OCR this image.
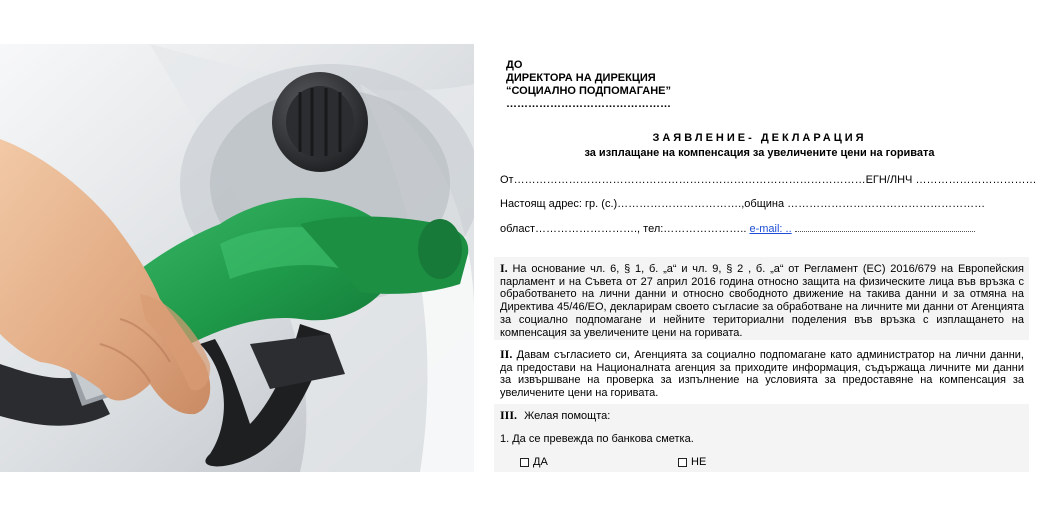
ДО
ДИРЕКТОРА НА ДИРЕКЦИЯ
“СОЦИАЛНО ПОДПОМАГАНЕ”
………………………………………
ЗАЯВЛЕНИЕ- ДЕКЛАРАЦИЯ
за изплащане на компенсация за увеличените цени на горивата
От……………………………………………………………………………………ЕГН/ЛНЧ ……………………………
Настоящ адрес: гр. (с.)…………………………….,община ………………………………………………
област………………………., тел:………………….. e-mail: ..
I. На основание чл. 6, § 1, б. „а“ и чл. 9, § 2 , б. „а“ от Регламент (ЕС) 2016/679 на Европейския парламент и на Съвета от 27 април 2016 година относно защита на физическите лица във връзка с обработването на лични данни и относно свободното движение на такива данни и за отмяна на Директива 45/46/ЕО, декларирам своето съгласие за обработване на личните ми данни от Агенцията за социално подпомагане и нейните териториални поделения във връзка с изплащането на компенсация за увеличените цени на горивата.
II. Давам съгласието си, Агенцията за социално подпомагане като администратор на лични данни, да предостави на Националната агенция за приходите информация, съдържаща личните ми данни за извършване на проверка за изпълнение на условията за предоставяне на компенсация за увеличените цени на горивата.
III. Желая помощта:
1. Да се превежда по банкова сметка.
ДА	НЕ
